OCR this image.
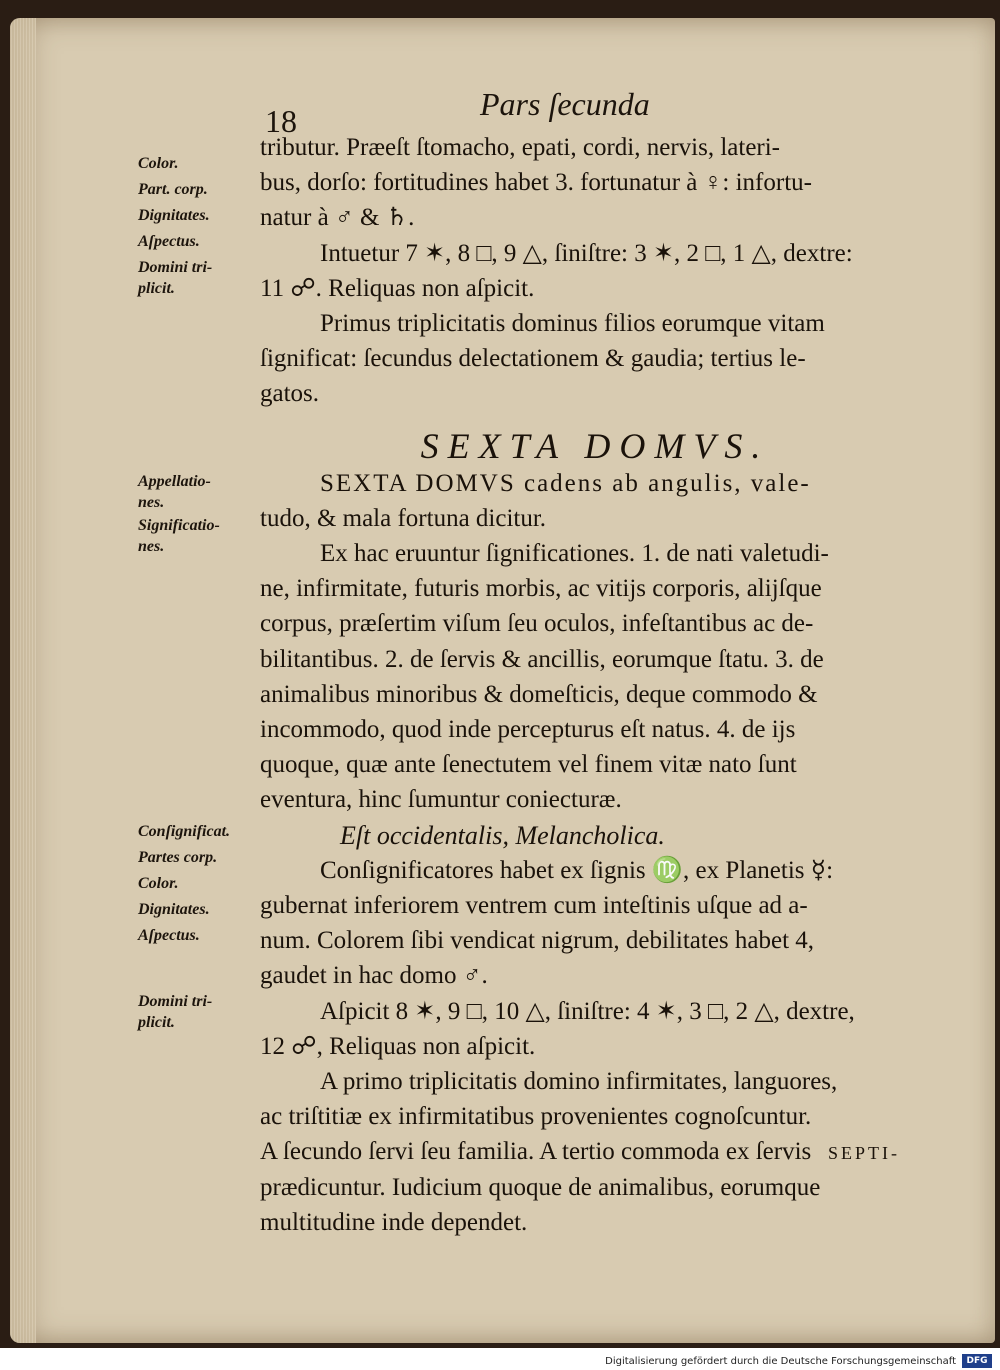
18	Pars ſecunda
Color.
Part. corp.
Dignitates.
Aſpectus.
Domini tri-
plicit.
Appellatio-
nes.
Significatio-
nes.
Conſignificat.
Partes corp.
Color.
Dignitates.
Aſpectus.
Domini tri-
plicit.
tributur. Præeſt ſtomacho, epati, cordi, nervis, lateri-
bus, dorſo: fortitudines habet 3. fortunatur à ♀: infortu-
natur à ♂ & ♄.
Intuetur 7 ✶, 8 □, 9 △, ſiniſtre: 3 ✶, 2 □, 1 △, dextre:
11 ☍. Reliquas non aſpicit.
Primus triplicitatis dominus filios eorumque vitam
ſignificat: ſecundus delectationem & gaudia; tertius le-
gatos.
SEXTA DOMVS.
SEXTA DOMVS cadens ab angulis, vale-
tudo, & mala fortuna dicitur.
Ex hac eruuntur ſignificationes. 1. de nati valetudi-
ne, infirmitate, futuris morbis, ac vitijs corporis, alijſque
corpus, præſertim viſum ſeu oculos, infeſtantibus ac de-
bilitantibus. 2. de ſervis & ancillis, eorumque ſtatu. 3. de
animalibus minoribus & domeſticis, deque commodo &
incommodo, quod inde percepturus eſt natus. 4. de ijs
quoque, quæ ante ſenectutem vel finem vitæ nato ſunt
eventura, hinc ſumuntur coniecturæ.
Eſt occidentalis, Melancholica.
Conſignificatores habet ex ſignis ♍, ex Planetis ☿:
gubernat inferiorem ventrem cum inteſtinis uſque ad a-
num. Colorem ſibi vendicat nigrum, debilitates habet 4,
gaudet in hac domo ♂.
Aſpicit 8 ✶, 9 □, 10 △, ſiniſtre: 4 ✶, 3 □, 2 △, dextre,
12 ☍, Reliquas non aſpicit.
A primo triplicitatis domino infirmitates, languores,
ac triſtitiæ ex infirmitatibus provenientes cognoſcuntur.
A ſecundo ſervi ſeu familia. A tertio commoda ex ſervis
prædicuntur. Iudicium quoque de animalibus, eorumque
multitudine inde dependet.
SEPTI-
Digitalisierung gefördert durch die Deutsche Forschungsgemeinschaft	DFG
